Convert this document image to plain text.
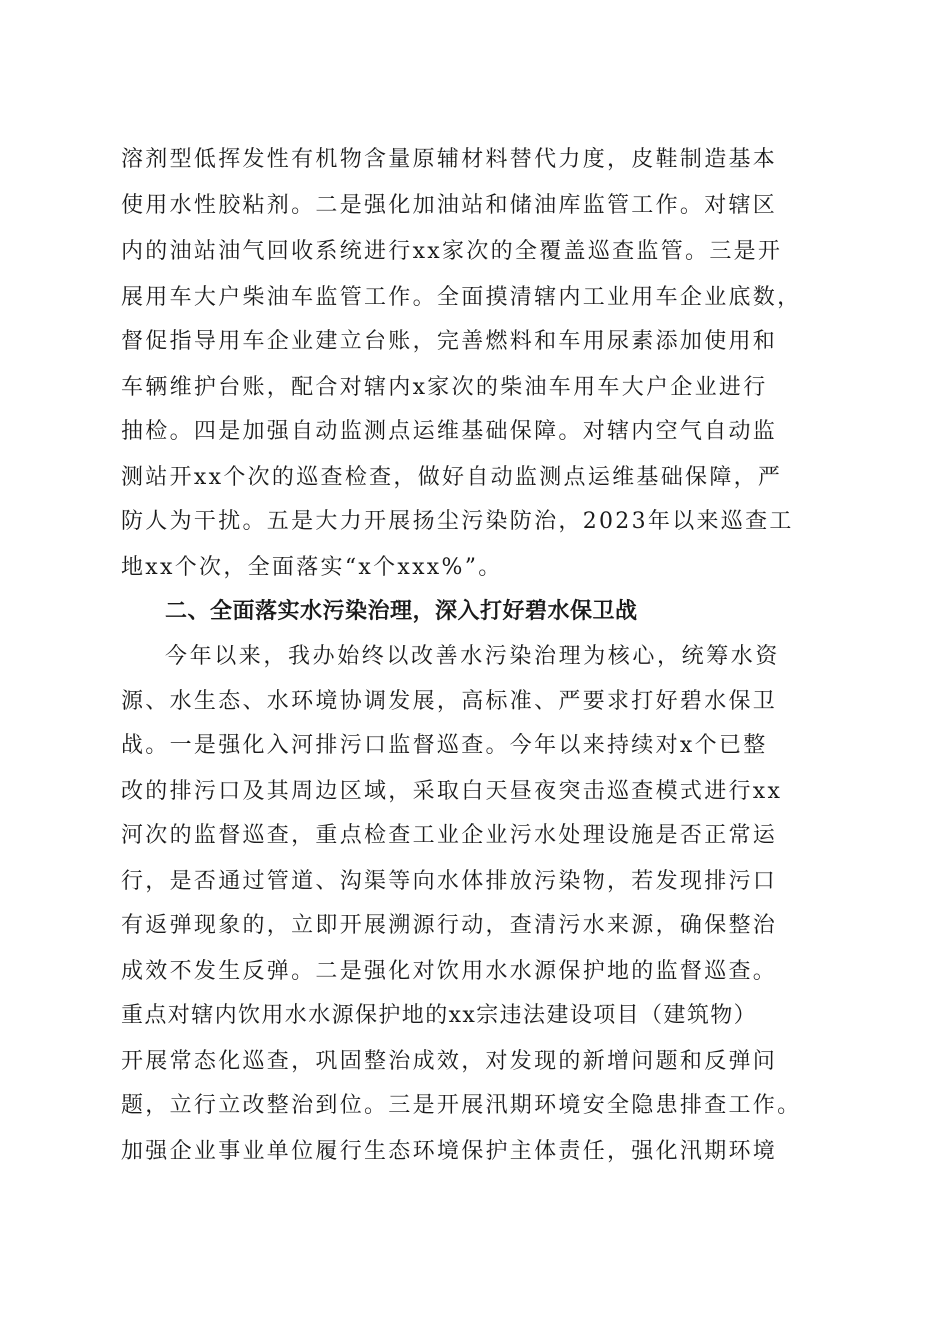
溶剂型低挥发性有机物含量原辅材料替代力度，皮鞋制造基本
使用水性胶粘剂。二是强化加油站和储油库监管工作。对辖区
内的油站油气回收系统进行xx家次的全覆盖巡查监管。三是开
展用车大户柴油车监管工作。全面摸清辖内工业用车企业底数，
督促指导用车企业建立台账，完善燃料和车用尿素添加使用和
车辆维护台账，配合对辖内x家次的柴油车用车大户企业进行
抽检。四是加强自动监测点运维基础保障。对辖内空气自动监
测站开xx个次的巡查检查，做好自动监测点运维基础保障，严
防人为干扰。五是大力开展扬尘污染防治，2023年以来巡查工
地xx个次，全面落实“x个xxx%”。
二、全面落实水污染治理，深入打好碧水保卫战
今年以来，我办始终以改善水污染治理为核心，统筹水资
源、水生态、水环境协调发展，高标准、严要求打好碧水保卫
战。一是强化入河排污口监督巡查。今年以来持续对x个已整
改的排污口及其周边区域，采取白天昼夜突击巡查模式进行xx
河次的监督巡查，重点检查工业企业污水处理设施是否正常运
行，是否通过管道、沟渠等向水体排放污染物，若发现排污口
有返弹现象的，立即开展溯源行动，查清污水来源，确保整治
成效不发生反弹。二是强化对饮用水水源保护地的监督巡查。
重点对辖内饮用水水源保护地的xx宗违法建设项目（建筑物）
开展常态化巡查，巩固整治成效，对发现的新增问题和反弹问
题，立行立改整治到位。三是开展汛期环境安全隐患排查工作。
加强企业事业单位履行生态环境保护主体责任，强化汛期环境
